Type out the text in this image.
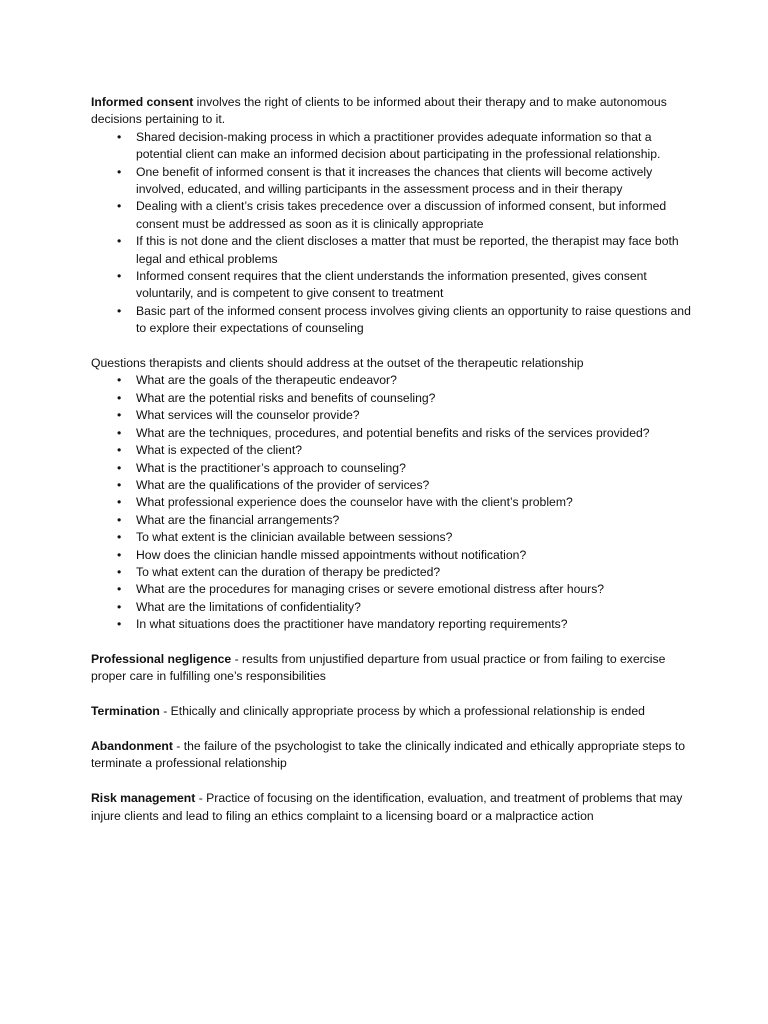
Informed consent involves the right of clients to be informed about their therapy and to make autonomous decisions pertaining to it.

• Shared decision-making process in which a practitioner provides adequate information so that a potential client can make an informed decision about participating in the professional relationship.
• One benefit of informed consent is that it increases the chances that clients will become actively involved, educated, and willing participants in the assessment process and in their therapy
• Dealing with a client’s crisis takes precedence over a discussion of informed consent, but informed consent must be addressed as soon as it is clinically appropriate
• If this is not done and the client discloses a matter that must be reported, the therapist may face both legal and ethical problems
• Informed consent requires that the client understands the information presented, gives consent voluntarily, and is competent to give consent to treatment
• Basic part of the informed consent process involves giving clients an opportunity to raise questions and to explore their expectations of counseling

Questions therapists and clients should address at the outset of the therapeutic relationship

• What are the goals of the therapeutic endeavor?
• What are the potential risks and benefits of counseling?
• What services will the counselor provide?
• What are the techniques, procedures, and potential benefits and risks of the services provided?
• What is expected of the client?
• What is the practitioner’s approach to counseling?
• What are the qualifications of the provider of services?
• What professional experience does the counselor have with the client’s problem?
• What are the financial arrangements?
• To what extent is the clinician available between sessions?
• How does the clinician handle missed appointments without notification?
• To what extent can the duration of therapy be predicted?
• What are the procedures for managing crises or severe emotional distress after hours?
• What are the limitations of confidentiality?
• In what situations does the practitioner have mandatory reporting requirements?

Professional negligence - results from unjustified departure from usual practice or from failing to exercise proper care in fulfilling one’s responsibilities

Termination - Ethically and clinically appropriate process by which a professional relationship is ended

Abandonment - the failure of the psychologist to take the clinically indicated and ethically appropriate steps to terminate a professional relationship

Risk management - Practice of focusing on the identification, evaluation, and treatment of problems that may injure clients and lead to filing an ethics complaint to a licensing board or a malpractice action
